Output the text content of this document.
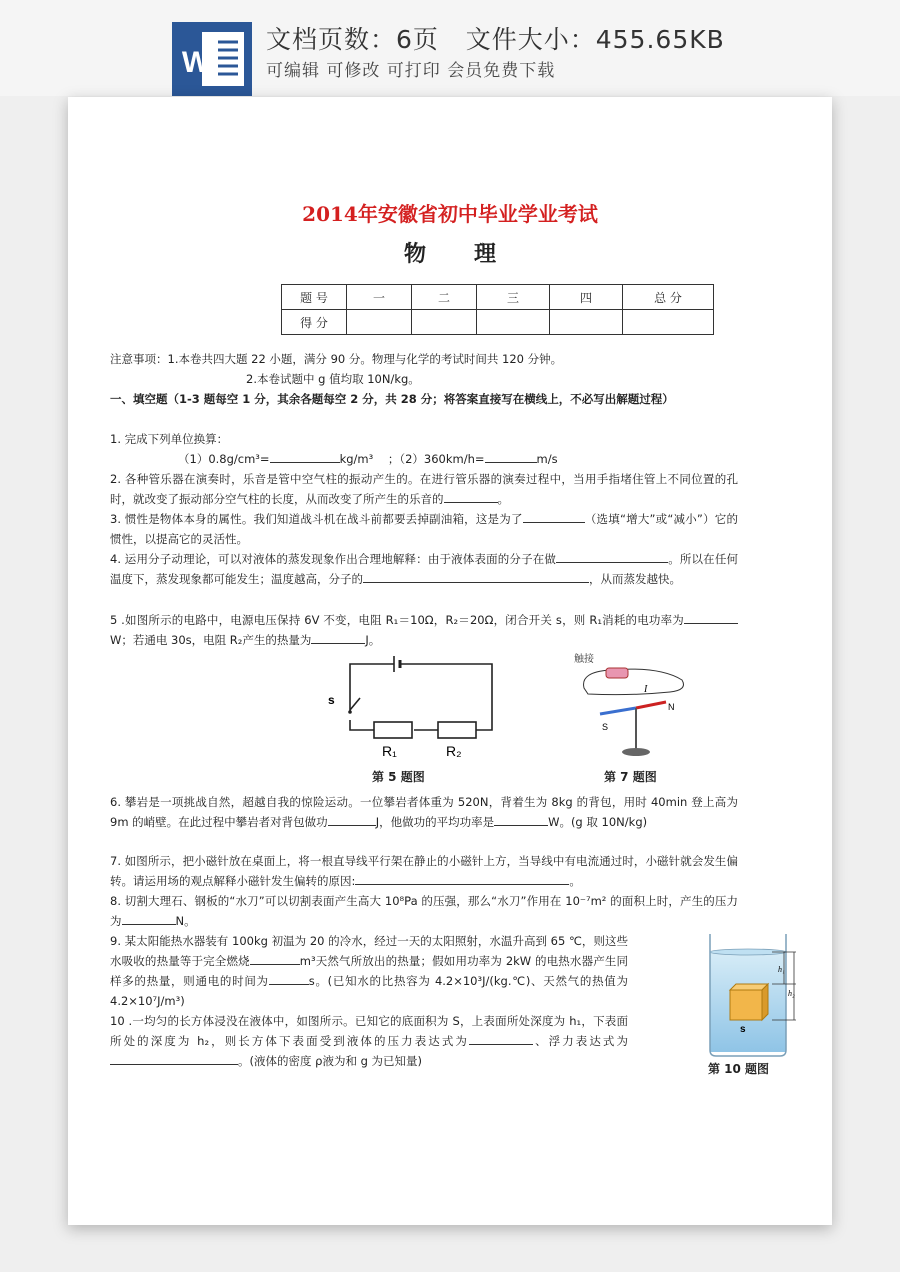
W
文档页数：6页   文件大小：455.65KB
可编辑 可修改 可打印 会员免费下载
2014年安徽省初中毕业学业考试
物理
题 号	一	二	三	四	总 分
得 分					
注意事项：1.本卷共四大题 22 小题，满分 90 分。物理与化学的考试时间共 120 分钟。
2.本卷试题中 g 值均取 10N/kg。
一、填空题（1-3 题每空 1 分，其余各题每空 2 分，共 28 分；将答案直接写在横线上，不必写出解题过程）
1. 完成下列单位换算：
（1）0.8g/cm³=	kg/m³ ；（2）360km/h=	m/s
2. 各种管乐器在演奏时，乐音是管中空气柱的振动产生的。在进行管乐器的演奏过程中，当用手指堵住管上不同位置的孔时，就改变了振动部分空气柱的长度，从而改变了所产生的乐音的	。
3. 惯性是物体本身的属性。我们知道战斗机在战斗前都要丢掉副油箱，这是为了	（选填“增大”或“减小”）它的惯性，以提高它的灵活性。
4. 运用分子动理论，可以对液体的蒸发现象作出合理地解释：由于液体表面的分子在做	。所以在任何温度下，蒸发现象都可能发生；温度越高，分子的	，从而蒸发越快。
5 .如图所示的电路中，电源电压保持 6V 不变，电阻 R₁＝10Ω，R₂＝20Ω，闭合开关 s，则 R₁消耗的电功率为W；若通电 30s，电阻 R₂产生的热量为	J。
s
R₁	R₂
第 5 题图
触接
I
S
N
第 7 题图
6. 攀岩是一项挑战自然，超越自我的惊险运动。一位攀岩者体重为 520N，背着生为 8kg 的背包，用时 40min 登上高为 9m 的峭壁。在此过程中攀岩者对背包做功	J，他做功的平均功率是	W。(g 取 10N/kg)
7. 如图所示，把小磁针放在桌面上，将一根直导线平行架在静止的小磁针上方，当导线中有电流通过时，小磁针就会发生偏转。请运用场的观点解释小磁针发生偏转的原因:	。
8. 切割大理石、钢板的“水刀”可以切割表面产生高大 10⁸Pa 的压强，那么“水刀”作用在 10⁻⁷m² 的面积上时，产生的压力为	N。
9. 某太阳能热水器装有 100kg 初温为 20 的冷水，经过一天的太阳照射，水温升高到 65 ℃，则这些水吸收的热量等于完全燃烧	m³天然气所放出的热量；假如用功率为 2kW 的电热水器产生同样多的热量，则通电的时间为	s。(已知水的比热容为 4.2×10³J/(kg.℃)、天然气的热值为 4.2×10⁷J/m³)
10 .一均匀的长方体浸没在液体中，如图所示。已知它的底面积为 S，上表面所处深度为 h₁，下表面所处的深度为 h₂，则长方体下表面受到液体的压力表达式为	、浮力表达式为。(液体的密度 ρ液为和 g 为已知量)
h₁
h₂
s
第 10 题图
